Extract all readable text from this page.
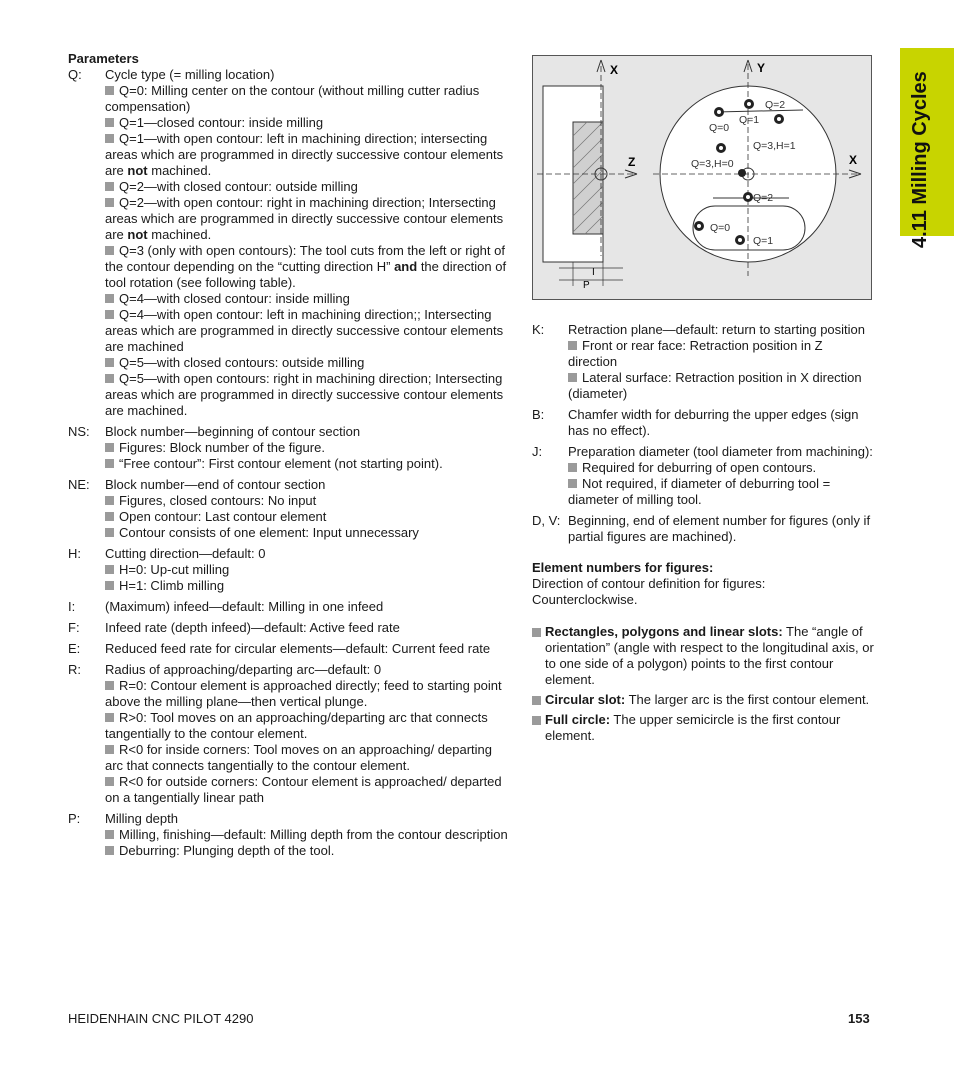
4.11 Milling Cycles
Parameters
Q:	Cycle type (= milling location)
Q=0: Milling center on the contour (without milling cutter radius compensation)
Q=1—closed contour: inside milling
Q=1—with open contour: left in machining direction; intersecting areas which are programmed in directly successive contour elements are not machined.
Q=2—with closed contour: outside milling
Q=2—with open contour: right in machining direction; Intersecting areas which are programmed in directly successive contour elements are not machined.
Q=3 (only with open contours): The tool cuts from the left or right of the contour depending on the “cutting direction H” and the direction of tool rotation (see following table).
Q=4—with closed contour: inside milling
Q=4—with open contour: left in machining direction;; Intersecting areas which are programmed in directly successive contour elements are machined
Q=5—with closed contours: outside milling
Q=5—with open contours: right in machining direction; Intersecting areas which are programmed in directly successive contour elements are machined.
NS:	Block number—beginning of contour section
Figures: Block number of the figure.
“Free contour”: First contour element (not starting point).
NE:	Block number—end of contour section
Figures, closed contours: No input
Open contour: Last contour element
Contour consists of one element: Input unnecessary
H:	Cutting direction—default: 0
H=0: Up-cut milling
H=1: Climb milling
I:	(Maximum) infeed—default: Milling in one infeed
F:	Infeed rate (depth infeed)—default: Active feed rate
E:	Reduced feed rate for circular elements—default: Current feed rate
R:	Radius of approaching/departing arc—default: 0
R=0: Contour element is approached directly; feed to starting point above the milling plane—then vertical plunge.
R>0: Tool moves on an approaching/departing arc that connects tangentially to the contour element.
R<0 for inside corners: Tool moves on an approaching/ departing arc that connects tangentially to the contour element.
R<0 for outside corners: Contour element is approached/ departed on a tangentially linear path
P:	Milling depth
Milling, finishing—default: Milling depth from the contour description
Deburring: Plunging depth of the tool.
X
Z
I
P
Y
X
Q=2
Q=1
Q=0
Q=3,H=1
Q=3,H=0
Q=2
Q=0
Q=1
K:	Retraction plane—default: return to starting position
Front or rear face: Retraction position in Z direction
Lateral surface: Retraction position in X direction (diameter)
B:	Chamfer width for deburring the upper edges (sign has no effect).
J:	Preparation diameter (tool diameter from machining):
Required for deburring of open contours.
Not required, if diameter of deburring tool = diameter of milling tool.
D, V: Beginning, end of element number for figures (only if partial figures are machined).
Element numbers for figures:
Direction of contour definition for figures: Counterclockwise.
Rectangles, polygons and linear slots: The “angle of orientation” (angle with respect to the longitudinal axis, or to one side of a polygon) points to the first contour element.
Circular slot: The larger arc is the first contour element.
Full circle: The upper semicircle is the first contour element.
HEIDENHAIN CNC PILOT 4290	153
